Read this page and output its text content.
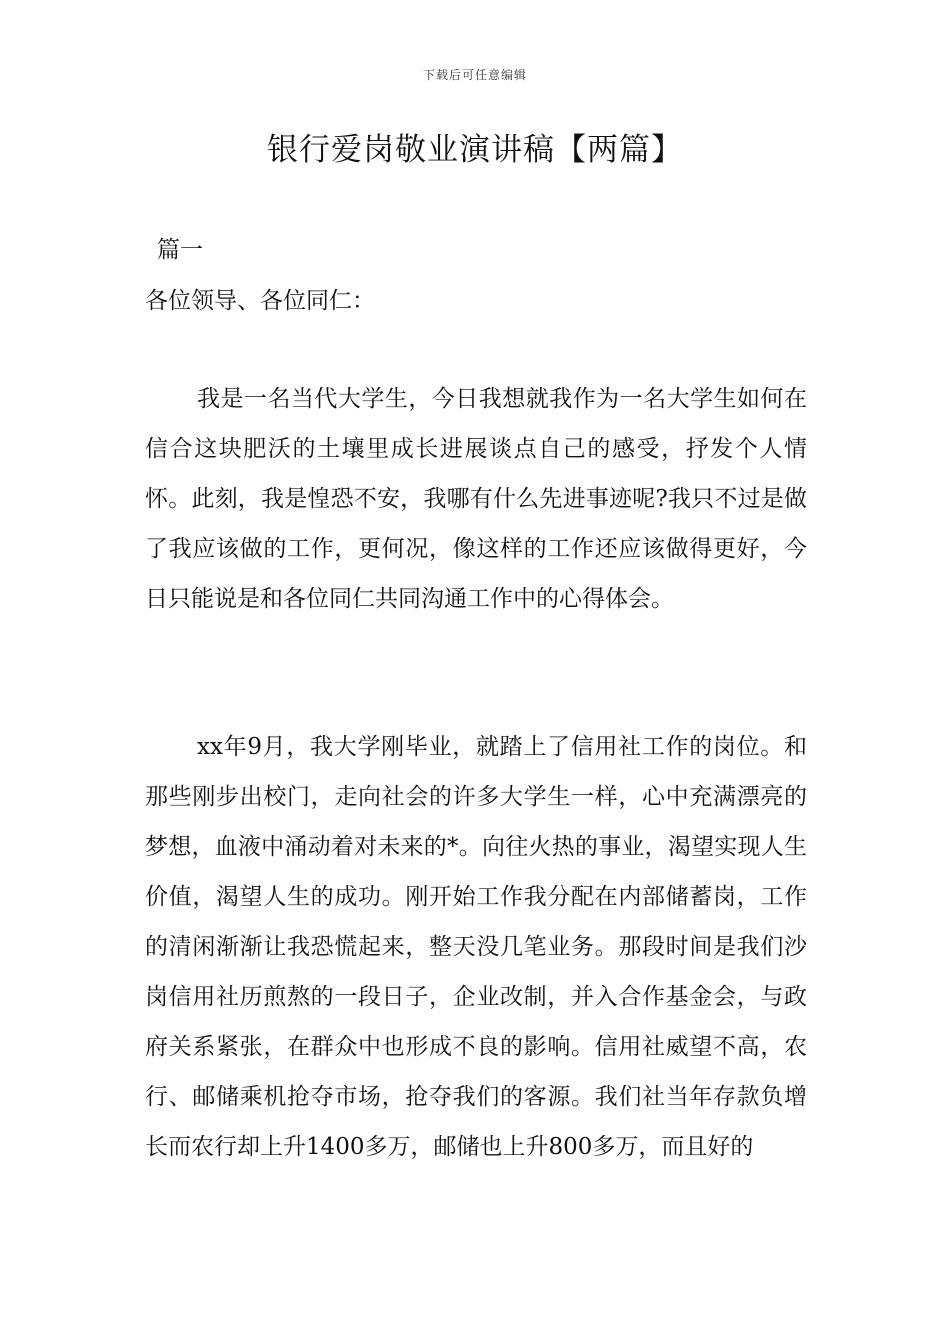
下载后可任意编辑
银行爱岗敬业演讲稿【两篇】
篇一

各位领导、各位同仁：

我是一名当代大学生，今日我想就我作为一名大学生如何在信合这块肥沃的土壤里成长进展谈点自己的感受，抒发个人情怀。此刻，我是惶恐不安，我哪有什么先进事迹呢?我只不过是做了我应该做的工作，更何况，像这样的工作还应该做得更好，今日只能说是和各位同仁共同沟通工作中的心得体会。

xx年9月，我大学刚毕业，就踏上了信用社工作的岗位。和那些刚步出校门，走向社会的许多大学生一样，心中充满漂亮的梦想，血液中涌动着对未来的*。向往火热的事业，渴望实现人生价值，渴望人生的成功。刚开始工作我分配在内部储蓄岗，工作的清闲渐渐让我恐慌起来，整天没几笔业务。那段时间是我们沙岗信用社历煎熬的一段日子，企业改制，并入合作基金会，与政府关系紧张，在群众中也形成不良的影响。信用社威望不高，农行、邮储乘机抢夺市场，抢夺我们的客源。我们社当年存款负增长而农行却上升1400多万，邮储也上升800多万，而且好的
